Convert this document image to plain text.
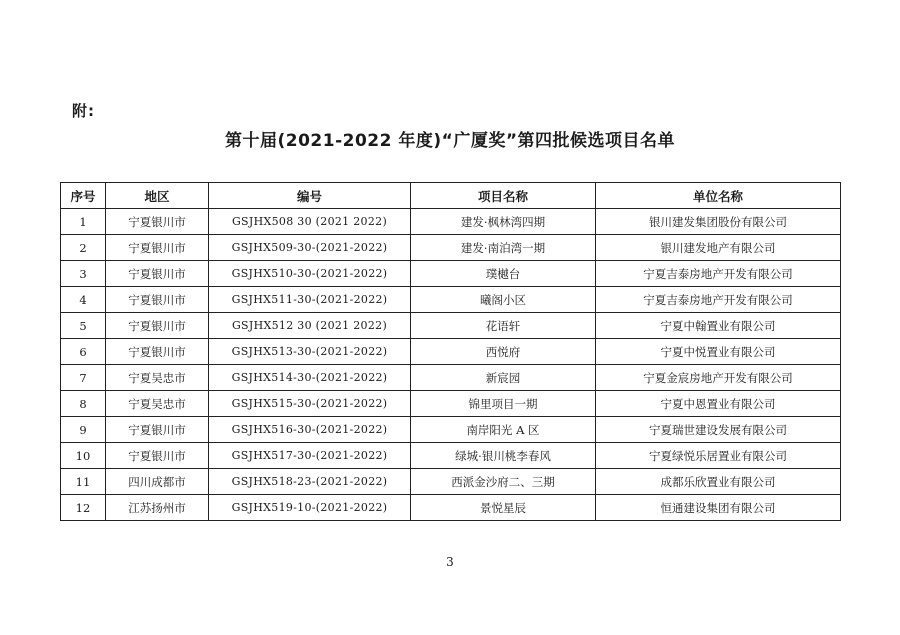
附:
第十届(2021-2022 年度)“广厦奖”第四批候选项目名单
序号	地区	编号	项目名称	单位名称
1	宁夏银川市	GSJHX508 30 (2021 2022)	建发·枫林湾四期	银川建发集团股份有限公司
2	宁夏银川市	GSJHX509-30-(2021-2022)	建发·南泊湾一期	银川建发地产有限公司
3	宁夏银川市	GSJHX510-30-(2021-2022)	璞樾台	宁夏吉泰房地产开发有限公司
4	宁夏银川市	GSJHX511-30-(2021-2022)	曦阁小区	宁夏吉泰房地产开发有限公司
5	宁夏银川市	GSJHX512 30 (2021 2022)	花语轩	宁夏中翰置业有限公司
6	宁夏银川市	GSJHX513-30-(2021-2022)	西悦府	宁夏中悦置业有限公司
7	宁夏吴忠市	GSJHX514-30-(2021-2022)	新宸园	宁夏金宸房地产开发有限公司
8	宁夏吴忠市	GSJHX515-30-(2021-2022)	锦里项目一期	宁夏中恩置业有限公司
9	宁夏银川市	GSJHX516-30-(2021-2022)	南岸阳光 A 区	宁夏瑞世建设发展有限公司
10	宁夏银川市	GSJHX517-30-(2021-2022)	绿城·银川桃李春风	宁夏绿悦乐居置业有限公司
11	四川成都市	GSJHX518-23-(2021-2022)	西派金沙府二、三期	成都乐欣置业有限公司
12	江苏扬州市	GSJHX519-10-(2021-2022)	景悦星辰	恒通建设集团有限公司
3
